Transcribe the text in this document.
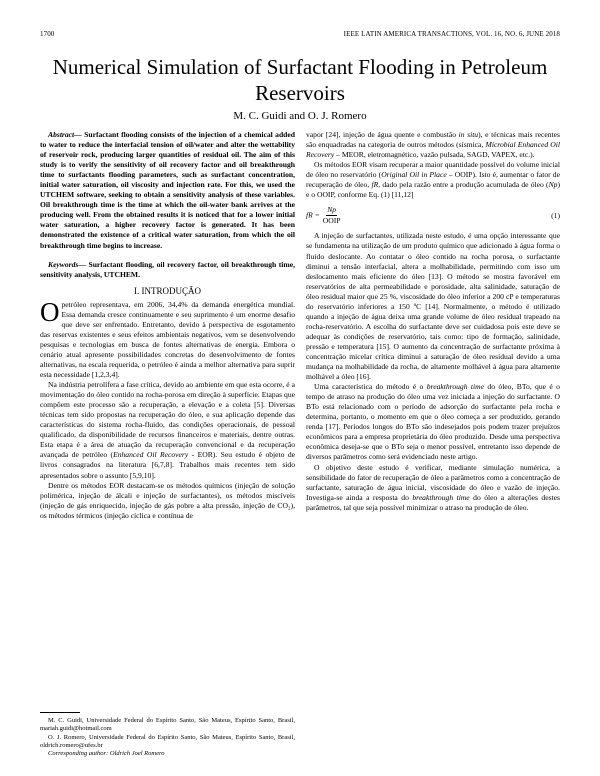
1700	IEEE LATIN AMERICA TRANSACTIONS, VOL. 16, NO. 6, JUNE 2018
Numerical Simulation of Surfactant Flooding in Petroleum Reservoirs
M. C. Guidi and O. J. Romero

Abstract— Surfactant flooding consists of the injection of a chemical added to water to reduce the interfacial tension of oil/water and alter the wettability of reservoir rock, producing larger quantities of residual oil. The aim of this study is to verify the sensitivity of oil recovery factor and oil breakthrough time to surfactants flooding parameters, such as surfactant concentration, initial water saturation, oil viscosity and injection rate. For this, we used the UTCHEM software, seeking to obtain a sensitivity analysis of these variables. Oil breakthrough time is the time at which the oil-water bank arrives at the producing well. From the obtained results it is noticed that for a lower initial water saturation, a higher recovery factor is generated. It has been demonstrated the existence of a critical water saturation, from which the oil breakthrough time begins to increase.

Keywords— Surfactant flooding, oil recovery factor, oil breakthrough time, sensitivity analysis, UTCHEM.

I. INTRODUÇÃO

Opetróleo representava, em 2006, 34,4% da demanda energética mundial. Essa demanda cresce continuamente e seu suprimento é um enorme desafio que deve ser enfrentado. Entretanto, devido à perspectiva de esgotamento das reservas existentes e seus efeitos ambientais negativos, vem se desenvolvendo pesquisas e tecnologias em busca de fontes alternativas de energia. Embora o cenário atual apresente possibilidades concretas do desenvolvimento de fontes alternativas, na escala requerida, o petróleo é ainda a melhor alternativa para suprir esta necessidade [1,2,3,4].

Na indústria petrolífera a fase crítica, devido ao ambiente em que esta ocorre, é a movimentação do óleo contido na rocha-porosa em direção à superfície. Etapas que compõem este processo são a recuperação, a elevação e a coleta [5]. Diversas técnicas tem sido propostas na recuperação do óleo, e sua aplicação depende das características do sistema rocha-fluido, das condições operacionais, de pessoal qualificado, da disponibilidade de recursos financeiros e materiais, dentre outras. Esta etapa é a área de atuação da recuperação convencional e da recuperação avançada de petróleo (Enhanced Oil Recovery - EOR). Seu estudo é objeto de livros consagrados na literatura [6,7,8]. Trabalhos mais recentes tem sido apresentados sobre o assunto [5,9,10].

Dentre os métodos EOR destacam-se os métodos químicos (injeção de solução polimérica, injeção de álcali e injeção de surfactantes), os métodos miscíveis (injeção de gás enriquecido, injeção de gás pobre a alta pressão, injeção de CO₂), os métodos térmicos (injeção cíclica e contínua de

M. C. Guidi, Universidade Federal do Espírito Santo, São Mateus, Espírito Santo, Brasil, mariah.guidi@hotmail.com

O. J. Romero, Universidade Federal do Espírito Santo, São Mateus, Espírito Santo, Brasil, oldrich.romero@ufes.br

Corresponding author: Oldrich Joel Romero

vapor [24], injeção de água quente e combustão in situ), e técnicas mais recentes são enquadradas na categoria de outros métodos (sísmica, Microbial Enhanced Oil Recovery – MEOR, eletromagnético, vazão pulsada, SAGD, VAPEX, etc.).

Os métodos EOR visam recuperar a maior quantidade possível do volume inicial de óleo no reservatório (Original Oil in Place – OOIP). Isto é, aumentar o fator de recuperação de óleo, fR, dado pela razão entre a produção acumulada de óleo (Np) e o OOIP, conforme Eq. (1) [11,12]

fR = $\frac{Np}{\text{OOIP}}$	(1)

A injeção de surfactantes, utilizada neste estudo, é uma opção interessante que se fundamenta na utilização de um produto químico que adicionado à água forma o fluido deslocante. Ao contatar o óleo contido na rocha porosa, o surfactante diminui a tensão interfacial, altera a molhabilidade, permitindo com isso um deslocamento mais eficiente do óleo [13]. O método se mostra favorável em reservatórios de alta permeabilidade e porosidade, alta salinidade, saturação de óleo residual maior que 25 %, viscosidade do óleo inferior a 200 cP e temperaturas do reservatório inferiores a 150 ºC [14]. Normalmente, o método é utilizado quando a injeção de água deixa uma grande volume de óleo residual trapeado na rocha-reservatório. A escolha do surfactante deve ser cuidadosa pois este deve se adequar às condições de reservatório, tais como: tipo de formação, salinidade, pressão e temperatura [15]. O aumento da concentração de surfactante próxima à concentração micelar crítica diminui a saturação de óleo residual devido a uma mudança na molhabilidade da rocha, de altamente molhável à água para altamente molhável a óleo [16].

Uma característica do método é o breakthrough time do óleo, BTo, que é o tempo de atraso na produção do óleo uma vez iniciada a injeção do surfactante. O BTo está relacionado com o período de adsorção do surfactante pela rocha e determina, portanto, o momento em que o óleo começa a ser produzido, gerando renda [17]. Períodos longos do BTo são indesejados pois podem trazer prejuízos econômicos para a empresa proprietária do óleo produzido. Desde uma perspectiva econômica deseja-se que o BTo seja o menor possível, entretanto isso depende de diversos parâmetros como será evidenciado neste artigo.

O objetivo deste estudo é verificar, mediante simulação numérica, a sensibilidade do fator de recuperação de óleo a parâmetros como a concentração de surfactante, saturação de água inicial, viscosidade do óleo e vazão de injeção. Investiga-se ainda a resposta do breakthrough time do óleo a alterações destes parâmetros, tal que seja possível minimizar o atraso na produção de óleo.
